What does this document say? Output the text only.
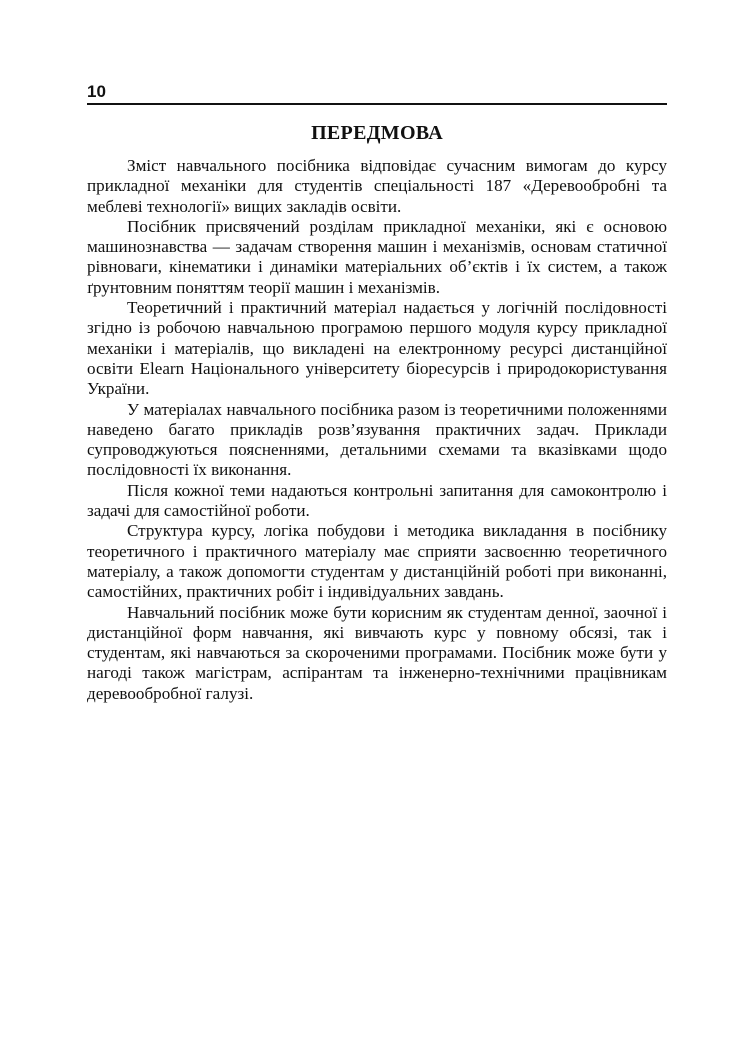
10
ПЕРЕДМОВА

Зміст навчального посібника відповідає сучасним вимогам до курсу прикладної механіки для студентів спеціальності 187 «Деревообробні та меблеві технології» вищих закладів освіти.

Посібник присвячений розділам прикладної механіки, які є основою машинознавства — задачам створення машин і механізмів, основам статичної рівноваги, кінематики і динаміки матеріальних об’єктів і їх систем, а також ґрунтовним поняттям теорії машин і механізмів.

Теоретичний і практичний матеріал надається у логічній послідовності згідно із робочою навчальною програмою першого модуля курсу прикладної механіки і матеріалів, що викладені на електронному ресурсі дистанційної освіти Elearn Національного університету біоресурсів і природокористування України.

У матеріалах навчального посібника разом із теоретичними положеннями наведено багато прикладів розв’язування практичних задач. Приклади супроводжуються поясненнями, детальними схемами та вказівками щодо послідовності їх виконання.

Після кожної теми надаються контрольні запитання для самоконтролю і задачі для самостійної роботи.

Структура курсу, логіка побудови і методика викладання в посібнику теоретичного і практичного матеріалу має сприяти засвоєнню теоретичного матеріалу, а також допомогти студентам у дистанційній роботі при виконанні, самостійних, практичних робіт і індивідуальних завдань.

Навчальний посібник може бути корисним як студентам денної, заочної і дистанційної форм навчання, які вивчають курс у повному обсязі, так і студентам, які навчаються за скороченими програмами. Посібник може бути у нагоді також магістрам, аспірантам та інженерно-технічними працівникам деревообробної галузі.
